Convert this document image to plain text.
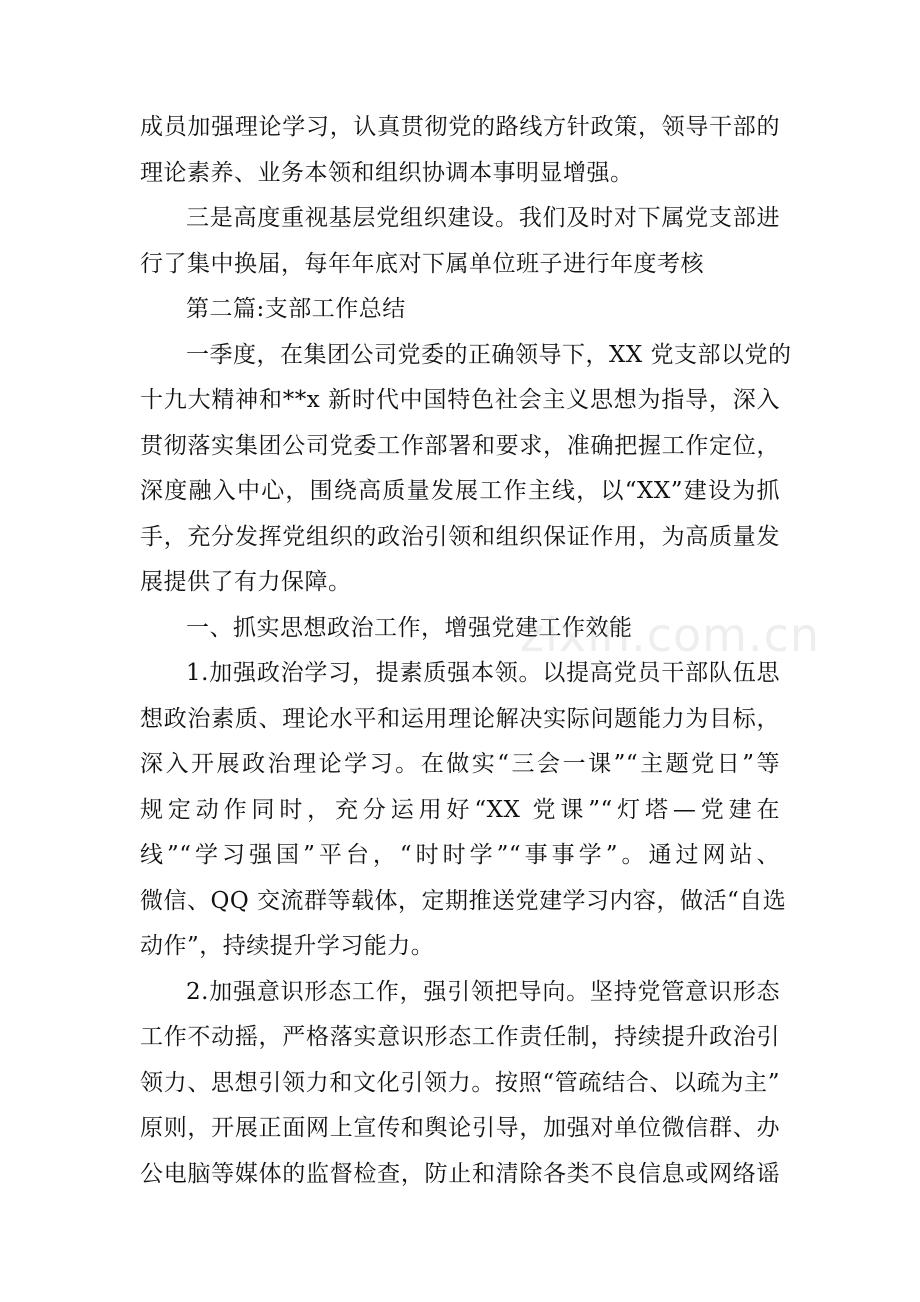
成员加强理论学习，认真贯彻党的路线方针政策，领导干部的
理论素养、业务本领和组织协调本事明显增强。
三是高度重视基层党组织建设。我们及时对下属党支部进
行了集中换届，每年年底对下属单位班子进行年度考核
第二篇:支部工作总结
一季度，在集团公司党委的正确领导下，XX 党支部以党的
十九大精神和**x 新时代中国特色社会主义思想为指导，深入
贯彻落实集团公司党委工作部署和要求，准确把握工作定位，
深度融入中心，围绕高质量发展工作主线，以“XX”建设为抓
手，充分发挥党组织的政治引领和组织保证作用，为高质量发
展提供了有力保障。
一、抓实思想政治工作，增强党建工作效能
1.加强政治学习，提素质强本领。以提高党员干部队伍思
想政治素质、理论水平和运用理论解决实际问题能力为目标，
深入开展政治理论学习。在做实“三会一课”“主题党日”等
规定动作同时，充分运用好“XX 党课”“灯塔—党建在
线”“学习强国”平台，“时时学”“事事学”。通过网站、
微信、QQ 交流群等载体，定期推送党建学习内容，做活“自选
动作”，持续提升学习能力。
2.加强意识形态工作，强引领把导向。坚持党管意识形态
工作不动摇，严格落实意识形态工作责任制，持续提升政治引
领力、思想引领力和文化引领力。按照“管疏结合、以疏为主”
原则，开展正面网上宣传和舆论引导，加强对单位微信群、办
公电脑等媒体的监督检查，防止和清除各类不良信息或网络谣
zixin.com.cn
